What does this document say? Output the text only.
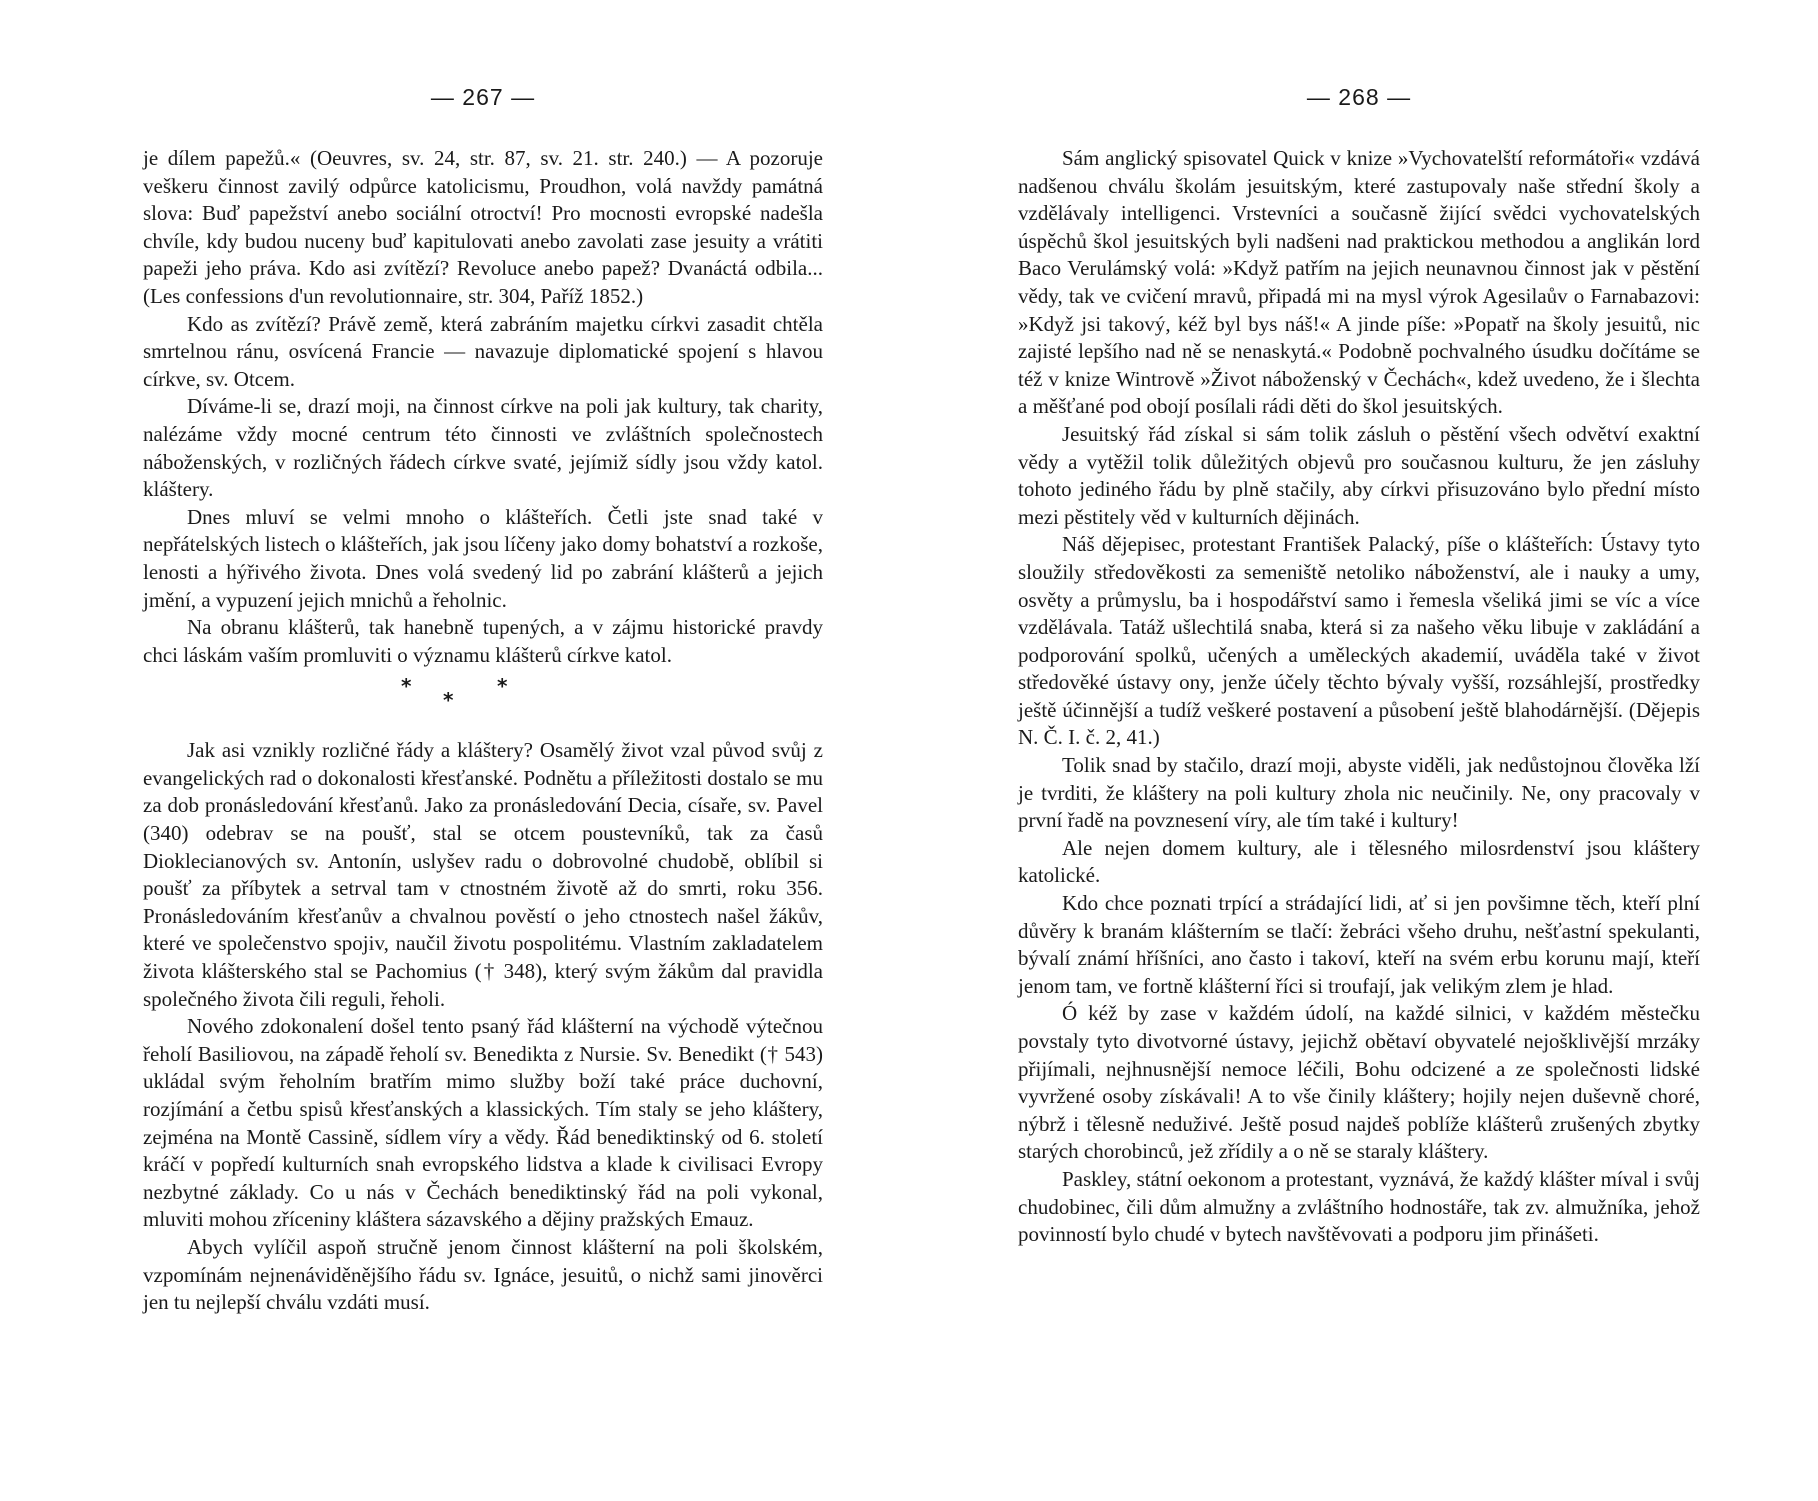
— 267 —

je dílem papežů.« (Oeuvres, sv. 24, str. 87, sv. 21. str. 240.) — A pozoruje veškeru činnost zavilý odpůrce katolicismu, Proudhon, volá navždy památná slova: Buď papežství anebo sociální otroctví! Pro mocnosti evropské nadešla chvíle, kdy budou nuceny buď kapitulovati anebo zavolati zase jesuity a vrátiti papeži jeho práva. Kdo asi zvítězí? Revoluce anebo papež? Dvanáctá odbila... (Les confessions d'un revolutionnaire, str. 304, Paříž 1852.)

Kdo as zvítězí? Právě země, která zabráním majetku církvi zasadit chtěla smrtelnou ránu, osvícená Francie — navazuje diplomatické spojení s hlavou církve, sv. Otcem.

Díváme-li se, drazí moji, na činnost církve na poli jak kultury, tak charity, nalézáme vždy mocné centrum této činnosti ve zvláštních společnostech náboženských, v rozličných řádech církve svaté, jejímiž sídly jsou vždy katol. kláštery.

Dnes mluví se velmi mnoho o klášteřích. Četli jste snad také v nepřátelských listech o klášteřích, jak jsou líčeny jako domy bohatství a rozkoše, lenosti a hýřivého života. Dnes volá svedený lid po zabrání klášterů a jejich jmění, a vypuzení jejich mnichů a řeholnic.

Na obranu klášterů, tak hanebně tupených, a v zájmu historické pravdy chci láskám vaším promluviti o významu klášterů církve katol.

*
*
*

Jak asi vznikly rozličné řády a kláštery? Osamělý život vzal původ svůj z evangelických rad o dokonalosti křesťanské. Podnětu a příležitosti dostalo se mu za dob pronásledování křesťanů. Jako za pronásledování Decia, císaře, sv. Pavel (340) odebrav se na poušť, stal se otcem poustevníků, tak za časů Dioklecianových sv. Antonín, uslyšev radu o dobrovolné chudobě, oblíbil si poušť za příbytek a setrval tam v ctnostném životě až do smrti, roku 356. Pronásledováním křesťanův a chvalnou pověstí o jeho ctnostech našel žákův, které ve společenstvo spojiv, naučil životu pospolitému. Vlastním zakladatelem života klášterského stal se Pachomius († 348), který svým žákům dal pravidla společného života čili reguli, řeholi.

Nového zdokonalení došel tento psaný řád klášterní na východě výtečnou řeholí Basiliovou, na západě řeholí sv. Benedikta z Nursie. Sv. Benedikt († 543) ukládal svým řeholním bratřím mimo služby boží také práce duchovní, rozjímání a četbu spisů křesťanských a klassických. Tím staly se jeho kláštery, zejména na Montě Cassině, sídlem víry a vědy. Řád benediktinský od 6. století kráčí v popředí kulturních snah evropského lidstva a klade k civilisaci Evropy nezbytné základy. Co u nás v Čechách benediktinský řád na poli vykonal, mluviti mohou zříceniny kláštera sázavského a dějiny pražských Emauz.

Abych vylíčil aspoň stručně jenom činnost klášterní na poli školském, vzpomínám nejnenáviděnějšího řádu sv. Ignáce, jesuitů, o nichž sami jinověrci jen tu nejlepší chválu vzdáti musí.

— 268 —

Sám anglický spisovatel Quick v knize »Vychovatelští reformátoři« vzdává nadšenou chválu školám jesuitským, které zastupovaly naše střední školy a vzdělávaly intelligenci. Vrstevníci a současně žijící svědci vychovatelských úspěchů škol jesuitských byli nadšeni nad praktickou methodou a anglikán lord Baco Verulámský volá: »Když patřím na jejich neunavnou činnost jak v pěstění vědy, tak ve cvičení mravů, připadá mi na mysl výrok Agesilaův o Farnabazovi: »Když jsi takový, kéž byl bys náš!« A jinde píše: »Popatř na školy jesuitů, nic zajisté lepšího nad ně se nenaskytá.« Podobně pochvalného úsudku dočítáme se též v knize Wintrově »Život náboženský v Čechách«, kdež uvedeno, že i šlechta a měšťané pod obojí posílali rádi děti do škol jesuitských.

Jesuitský řád získal si sám tolik zásluh o pěstění všech odvětví exaktní vědy a vytěžil tolik důležitých objevů pro současnou kulturu, že jen zásluhy tohoto jediného řádu by plně stačily, aby církvi přisuzováno bylo přední místo mezi pěstitely věd v kulturních dějinách.

Náš dějepisec, protestant František Palacký, píše o klášteřích: Ústavy tyto sloužily středověkosti za semeniště netoliko náboženství, ale i nauky a umy, osvěty a průmyslu, ba i hospodářství samo i řemesla všeliká jimi se víc a více vzdělávala. Tatáž ušlechtilá snaba, která si za našeho věku libuje v zakládání a podporování spolků, učených a uměleckých akademií, uváděla také v život středověké ústavy ony, jenže účely těchto bývaly vyšší, rozsáhlejší, prostředky ještě účinnější a tudíž veškeré postavení a působení ještě blahodárnější. (Dějepis N. Č. I. č. 2, 41.)

Tolik snad by stačilo, drazí moji, abyste viděli, jak nedůstojnou člověka lží je tvrditi, že kláštery na poli kultury zhola nic neučinily. Ne, ony pracovaly v první řadě na povznesení víry, ale tím také i kultury!

Ale nejen domem kultury, ale i tělesného milosrdenství jsou kláštery katolické.

Kdo chce poznati trpící a strádající lidi, ať si jen povšimne těch, kteří plní důvěry k branám klášterním se tlačí: žebráci všeho druhu, nešťastní spekulanti, bývalí známí hříšníci, ano často i takoví, kteří na svém erbu korunu mají, kteří jenom tam, ve fortně klášterní říci si troufají, jak velikým zlem je hlad.

Ó kéž by zase v každém údolí, na každé silnici, v každém městečku povstaly tyto divotvorné ústavy, jejichž obětaví obyvatelé nejošklivější mrzáky přijímali, nejhnusnější nemoce léčili, Bohu odcizené a ze společnosti lidské vyvržené osoby získávali! A to vše činily kláštery; hojily nejen duševně choré, nýbrž i tělesně neduživé. Ještě posud najdeš poblíže klášterů zrušených zbytky starých chorobinců, jež zřídily a o ně se staraly kláštery.

Paskley, státní oekonom a protestant, vyznává, že každý klášter míval i svůj chudobinec, čili dům almužny a zvláštního hodnostáře, tak zv. almužníka, jehož povinností bylo chudé v bytech navštěvovati a podporu jim přinášeti.
